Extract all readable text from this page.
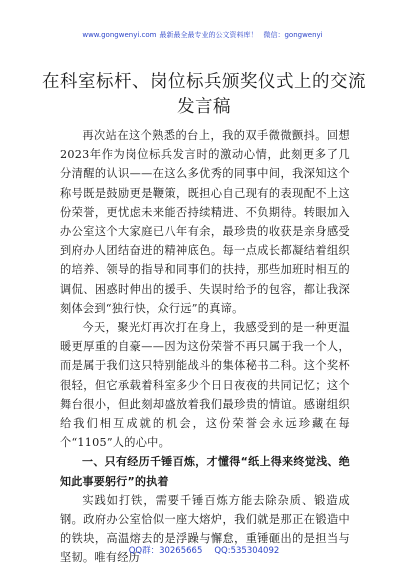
www.gongwenyi.com 最新最全最专业的公文资料库！ 微信：gongwenyi
在科室标杆、岗位标兵颁奖仪式上的交流发言稿

再次站在这个熟悉的台上，我的双手微微颤抖。回想2023年作为岗位标兵发言时的激动心情，此刻更多了几分清醒的认识——在这么多优秀的同事中间，我深知这个称号既是鼓励更是鞭策，既担心自己现有的表现配不上这份荣誉，更忧虑未来能否持续精进、不负期待。转眼加入办公室这个大家庭已八年有余，最珍贵的收获是亲身感受到府办人团结奋进的精神底色。每一点成长都凝结着组织的培养、领导的指导和同事们的扶持，那些加班时相互的调侃、困惑时伸出的援手、失误时给予的包容，都让我深刻体会到“独行快，众行远”的真谛。

今天，聚光灯再次打在身上，我感受到的是一种更温暖更厚重的自豪——因为这份荣誉不再只属于我一个人，而是属于我们这只特别能战斗的集体秘书二科。这个奖杯很轻，但它承载着科室多少个日日夜夜的共同记忆；这个舞台很小，但此刻却盛放着我们最珍贵的情谊。感谢组织给我们相互成就的机会，这份荣誉会永远珍藏在每个“1105”人的心中。

一、只有经历千锤百炼，才懂得“纸上得来终觉浅、绝知此事要躬行”的执着

实践如打铁，需要千锤百炼方能去除杂质、锻造成钢。政府办公室恰似一座大熔炉，我们就是那正在锻造中的铁块，高温熔去的是浮躁与懈怠，重锤砸出的是担当与坚韧。唯有经历

QQ群：30265665 QQ:535304092
